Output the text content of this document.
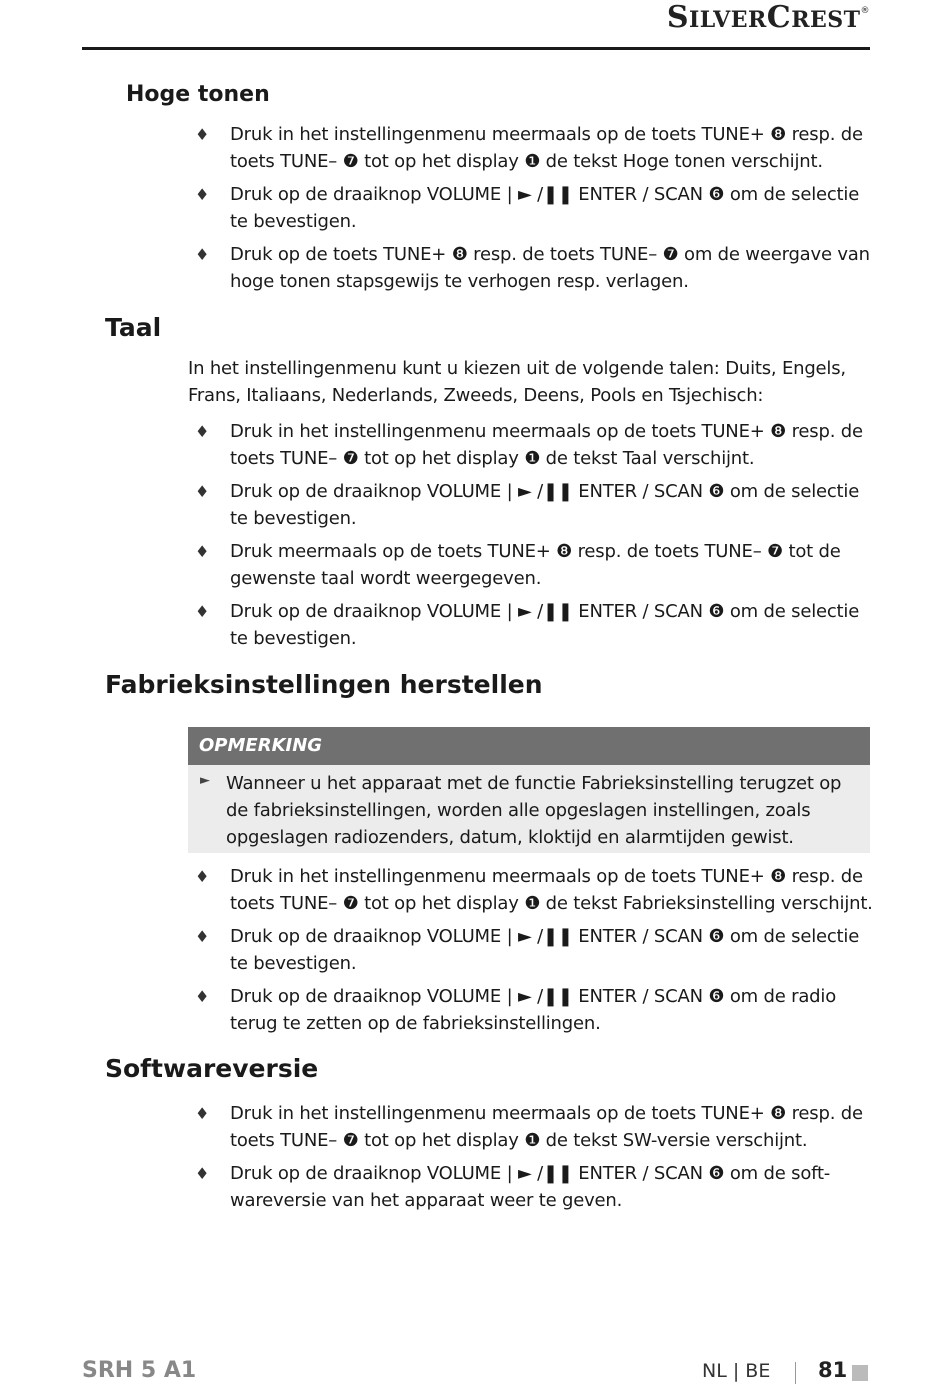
SILVERCREST®
Hoge tonen
♦ Druk in het instellingenmenu meermaals op de toets TUNE+ ❽ resp. de toets TUNE– ❼ tot op het display ❶ de tekst Hoge tonen verschijnt.
♦ Druk op de draaiknop VOLUME | ► /❚❚ ENTER / SCAN ❻ om de selectie te bevestigen.
♦ Druk op de toets TUNE+ ❽ resp. de toets TUNE– ❼ om de weergave van hoge tonen stapsgewijs te verhogen resp. verlagen.
Taal

In het instellingenmenu kunt u kiezen uit de volgende talen: Duits, Engels, Frans, Italiaans, Nederlands, Zweeds, Deens, Pools en Tsjechisch:

♦ Druk in het instellingenmenu meermaals op de toets TUNE+ ❽ resp. de toets TUNE– ❼ tot op het display ❶ de tekst Taal verschijnt.
♦ Druk op de draaiknop VOLUME | ► /❚❚ ENTER / SCAN ❻ om de selectie te bevestigen.
♦ Druk meermaals op de toets TUNE+ ❽ resp. de toets TUNE– ❼ tot de gewenste taal wordt weergegeven.
♦ Druk op de draaiknop VOLUME | ► /❚❚ ENTER / SCAN ❻ om de selectie te bevestigen.
Fabrieksinstellingen herstellen
OPMERKING
► Wanneer u het apparaat met de functie Fabrieksinstelling terugzet op de fabrieksinstellingen, worden alle opgeslagen instellingen, zoals opgeslagen radiozenders, datum, kloktijd en alarmtijden gewist.

♦ Druk in het instellingenmenu meermaals op de toets TUNE+ ❽ resp. de toets TUNE– ❼ tot op het display ❶ de tekst Fabrieksinstelling verschijnt.
♦ Druk op de draaiknop VOLUME | ► /❚❚ ENTER / SCAN ❻ om de selectie te bevestigen.
♦ Druk op de draaiknop VOLUME | ► /❚❚ ENTER / SCAN ❻ om de radio terug te zetten op de fabrieksinstellingen.
Softwareversie
♦ Druk in het instellingenmenu meermaals op de toets TUNE+ ❽ resp. de toets TUNE– ❼ tot op het display ❶ de tekst SW-versie verschijnt.
♦ Druk op de draaiknop VOLUME | ► /❚❚ ENTER / SCAN ❻ om de soft-wareversie van het apparaat weer te geven.
SRH 5 A1	NL | BE 81
